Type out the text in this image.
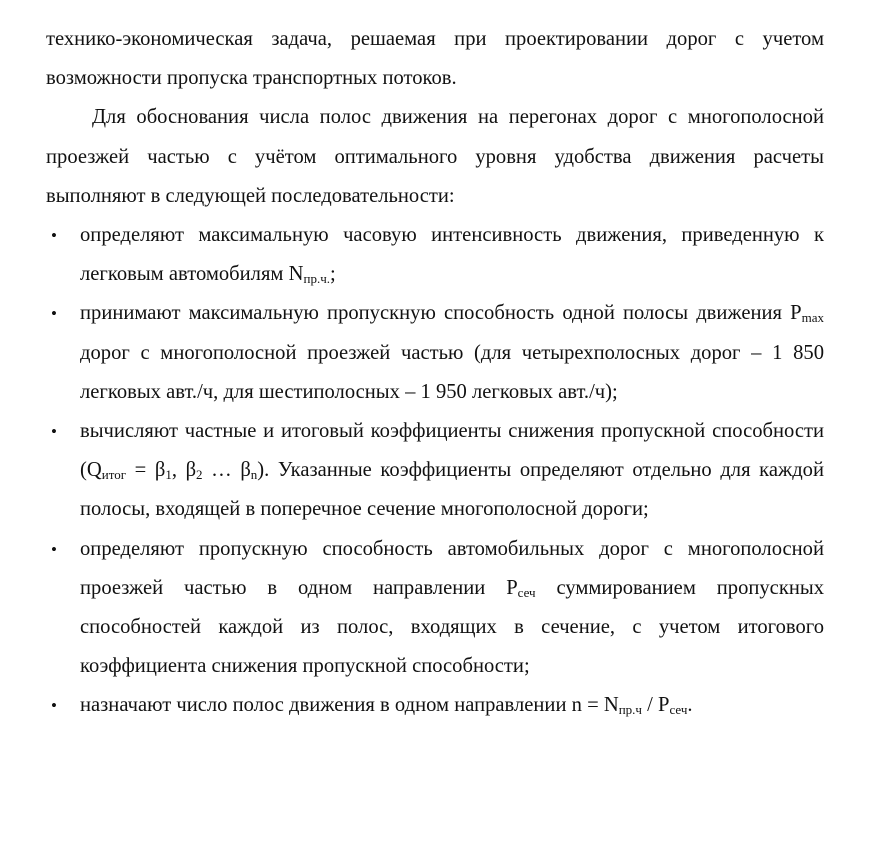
технико-экономическая задача, решаемая при проектировании дорог с учетом возможности пропуска транспортных потоков.

Для обоснования числа полос движения на перегонах дорог с многополосной проезжей частью с учётом оптимального уровня удобства движения расчеты выполняют в следующей последовательности:

•	определяют максимальную часовую интенсивность движения, приведенную к легковым автомобилям $N_{пр.ч.}$;
•	принимают максимальную пропускную способность одной полосы движения $P_{max}$ дорог с многополосной проезжей частью (для четырехполосных дорог – 1 850 легковых авт./ч, для шестиполосных – 1 950 легковых авт./ч);
•	вычисляют частные и итоговый коэффициенты снижения пропускной способности ($Q_{итог} = \beta_1$, $\beta_2$ … $\beta_n$). Указанные коэффициенты определяют отдельно для каждой полосы, входящей в поперечное сечение многополосной дороги;
•	определяют пропускную способность автомобильных дорог с многополосной проезжей частью в одном направлении $P_{сеч}$ суммированием пропускных способностей каждой из полос, входящих в сечение, с учетом итогового коэффициента снижения пропускной способности;
•	назначают число полос движения в одном направлении $n = N_{пр.ч} / P_{сеч}$.
